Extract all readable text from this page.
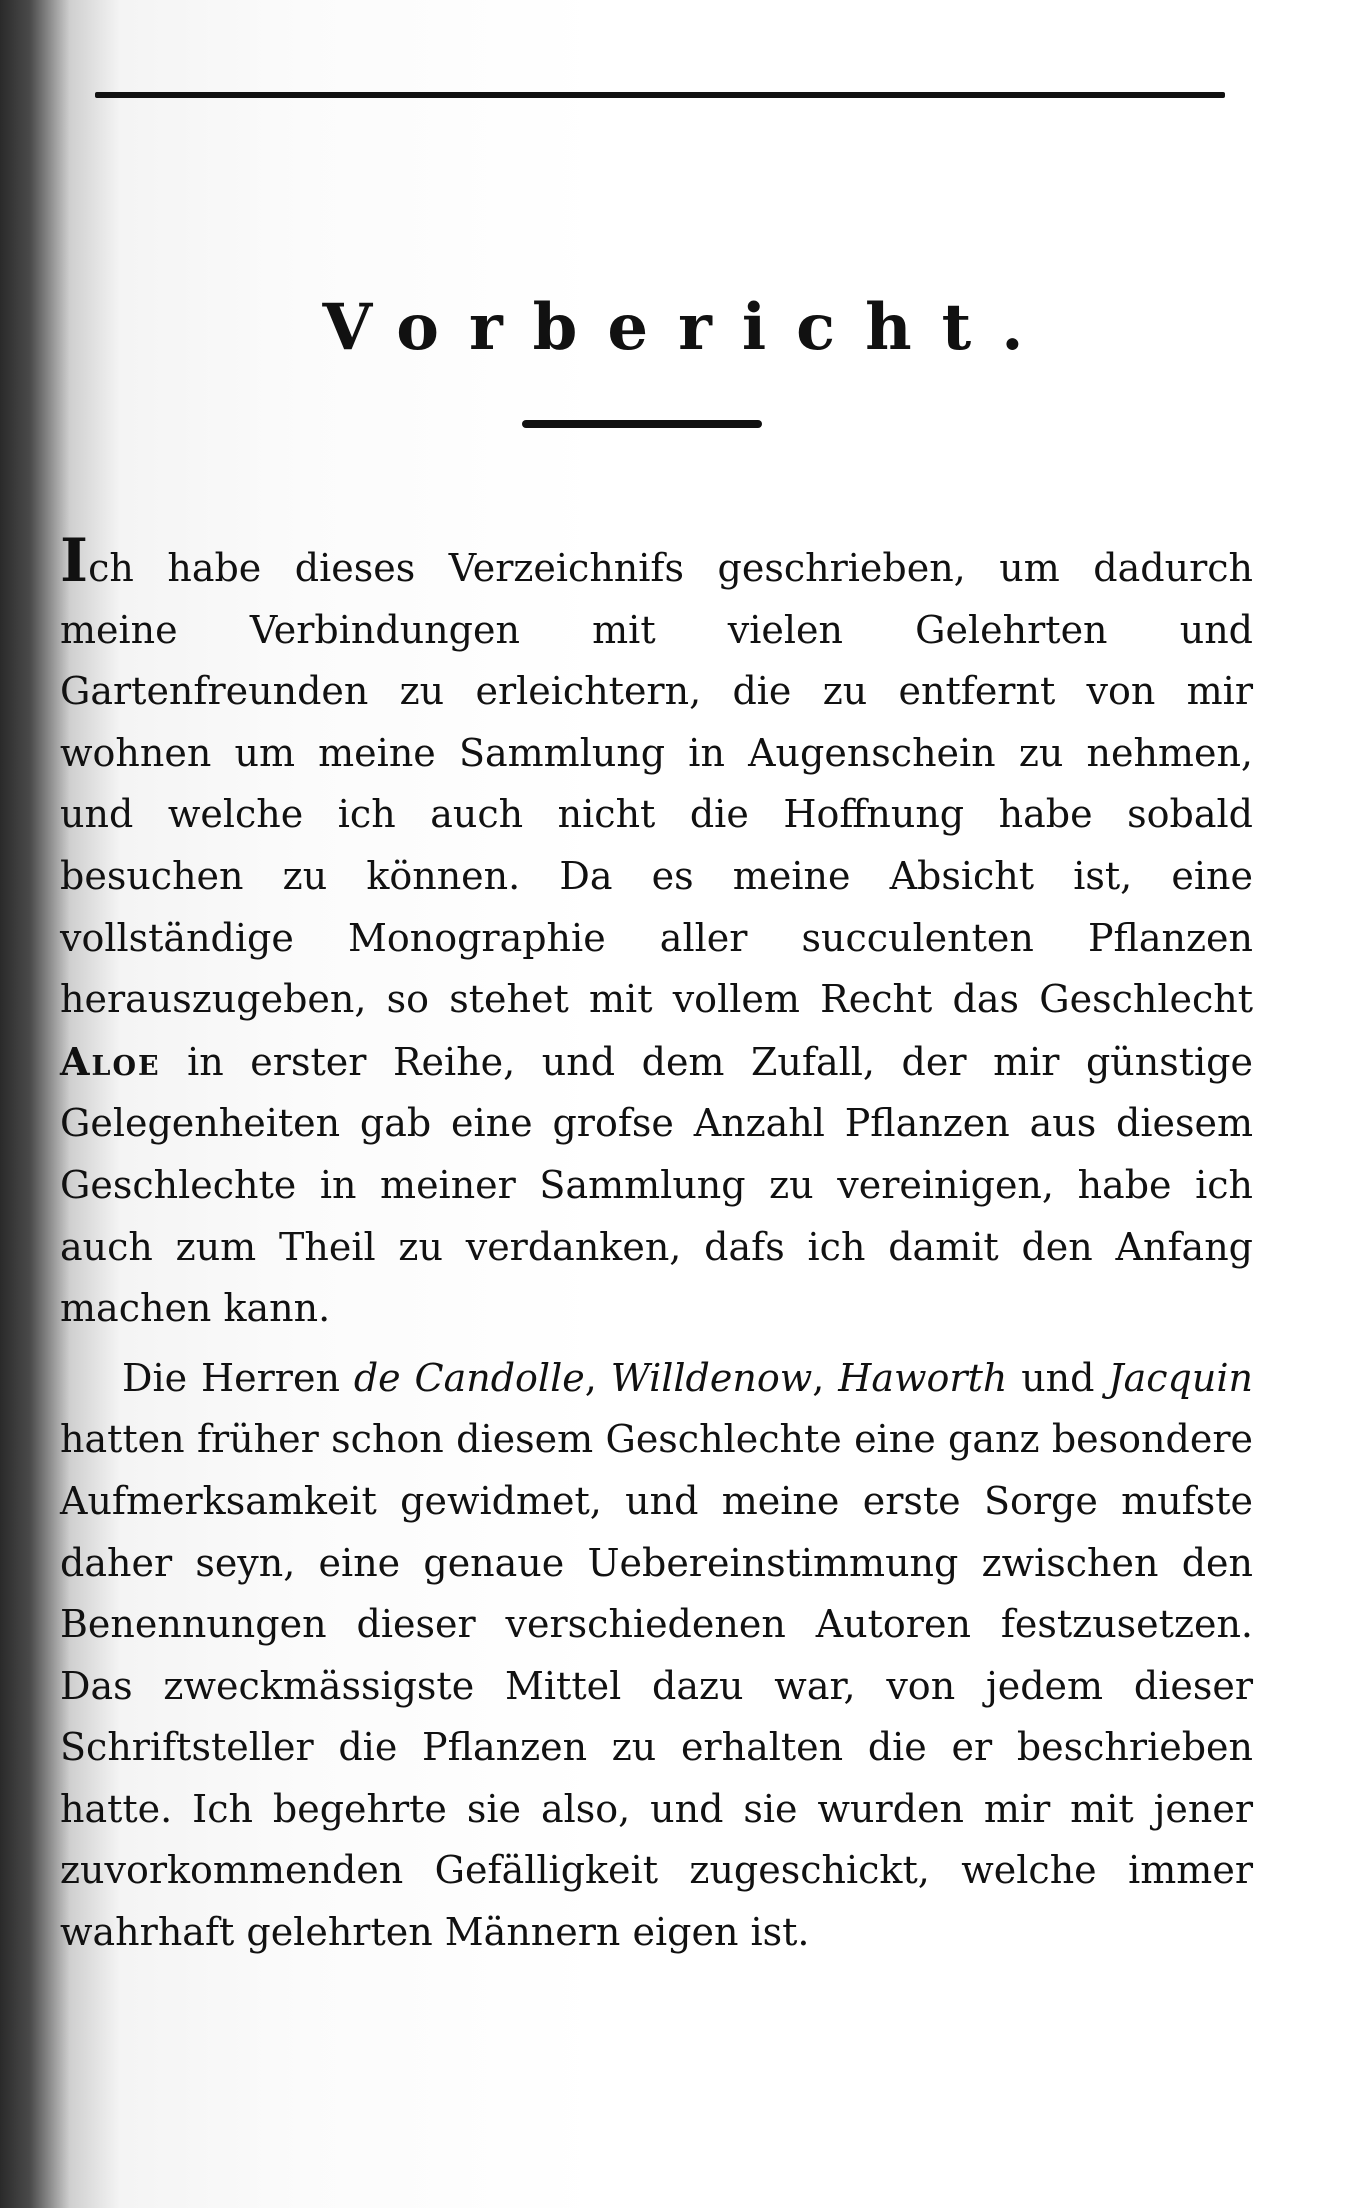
Vorbericht.

Ich habe dieses Verzeichnifs geschrieben, um dadurch meine Verbindungen mit vielen Gelehrten und Gartenfreunden zu erleichtern, die zu entfernt von mir wohnen um meine Sammlung in Augenschein zu nehmen, und welche ich auch nicht die Hoffnung habe sobald besuchen zu können. Da es meine Absicht ist, eine vollständige Monographie aller succulenten Pflanzen herauszugeben, so stehet mit vollem Recht das Geschlecht Aloe in erster Reihe, und dem Zufall, der mir günstige Gelegenheiten gab eine grofse Anzahl Pflanzen aus diesem Geschlechte in meiner Sammlung zu vereinigen, habe ich auch zum Theil zu verdanken, dafs ich damit den Anfang machen kann.

Die Herren de Candolle, Willdenow, Haworth und Jacquin hatten früher schon diesem Geschlechte eine ganz besondere Aufmerksamkeit gewidmet, und meine erste Sorge mufste daher seyn, eine genaue Uebereinstimmung zwischen den Benennungen dieser verschiedenen Autoren festzusetzen. Das zweckmässigste Mittel dazu war, von jedem dieser Schriftsteller die Pflanzen zu erhalten die er beschrieben hatte. Ich begehrte sie also, und sie wurden mir mit jener zuvorkommenden Gefälligkeit zugeschickt, welche immer wahrhaft gelehrten Männern eigen ist.
